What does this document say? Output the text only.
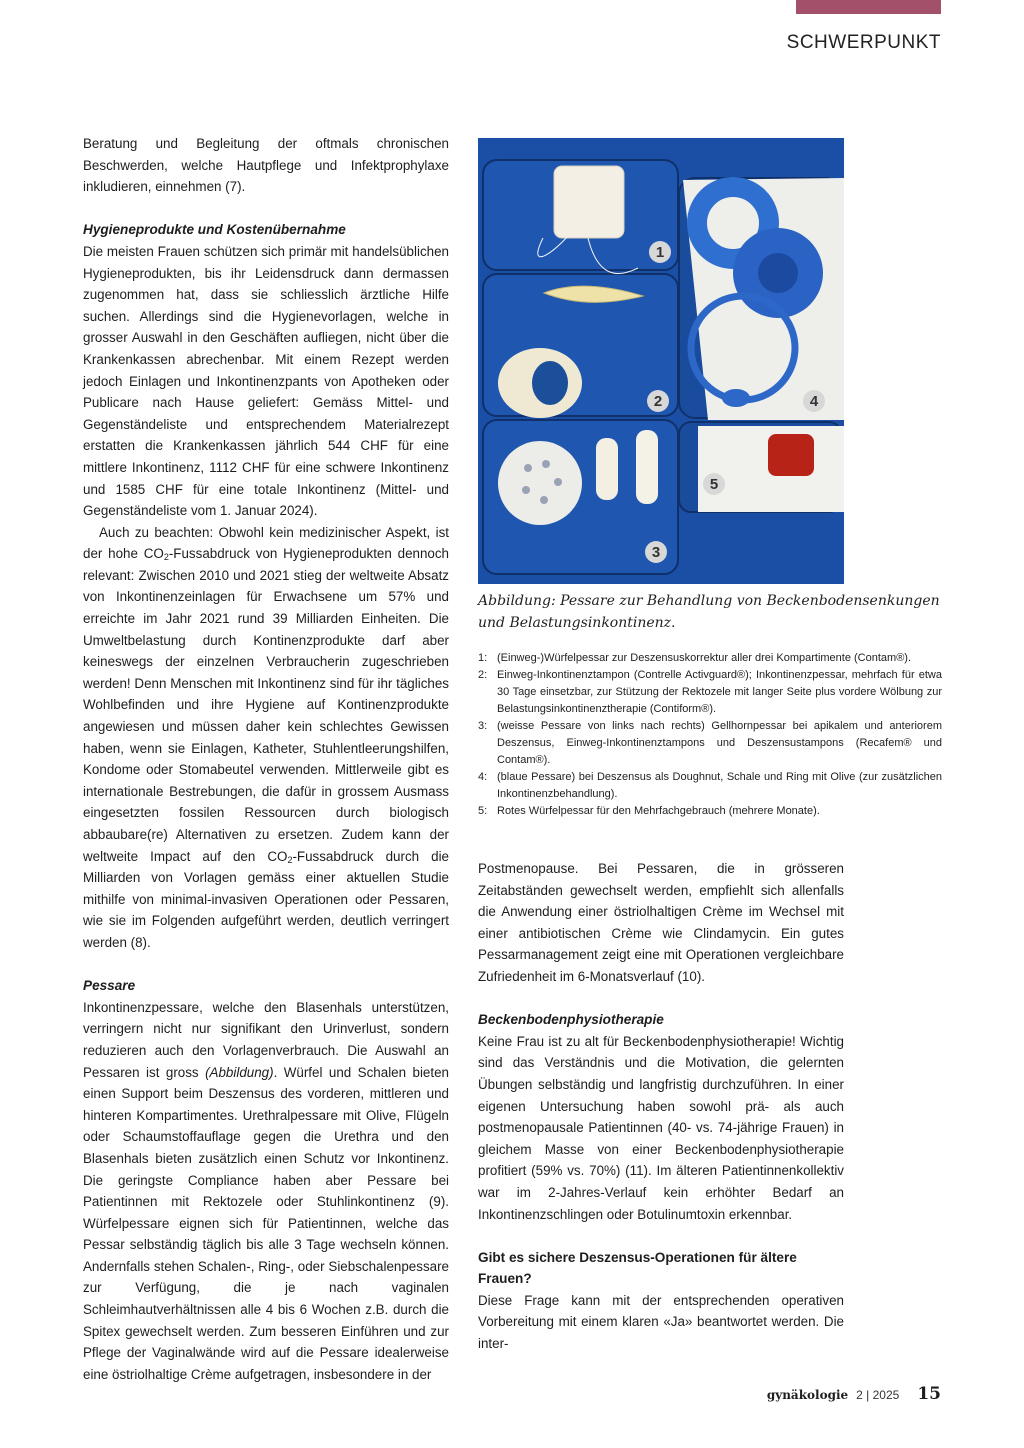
SCHWERPUNKT

Beratung und Begleitung der oftmals chronischen Beschwerden, welche Hautpflege und Infektprophylaxe inkludieren, einnehmen (7).

Hygieneprodukte und Kostenübernahme

Die meisten Frauen schützen sich primär mit handelsüblichen Hygieneprodukten, bis ihr Leidensdruck dann dermassen zugenommen hat, dass sie schliesslich ärztliche Hilfe suchen. Allerdings sind die Hygienevorlagen, welche in grosser Auswahl in den Geschäften aufliegen, nicht über die Krankenkassen abrechenbar. Mit einem Rezept werden jedoch Einlagen und Inkontinenzpants von Apotheken oder Publicare nach Hause geliefert: Gemäss Mittel- und Gegenständeliste und entsprechendem Materialrezept erstatten die Krankenkassen jährlich 544 CHF für eine mittlere Inkontinenz, 1112 CHF für eine schwere Inkontinenz und 1585 CHF für eine totale Inkontinenz (Mittel- und Gegenständeliste vom 1. Januar 2024).

Auch zu beachten: Obwohl kein medizinischer Aspekt, ist der hohe $CO_2$-Fussabdruck von Hygieneprodukten dennoch relevant: Zwischen 2010 und 2021 stieg der weltweite Absatz von Inkontinenzeinlagen für Erwachsene um 57% und erreichte im Jahr 2021 rund 39 Milliarden Einheiten. Die Umweltbelastung durch Kontinenzprodukte darf aber keineswegs der einzelnen Verbraucherin zugeschrieben werden! Denn Menschen mit Inkontinenz sind für ihr tägliches Wohlbefinden und ihre Hygiene auf Kontinenzprodukte angewiesen und müssen daher kein schlechtes Gewissen haben, wenn sie Einlagen, Katheter, Stuhlentleerungshilfen, Kondome oder Stomabeutel verwenden. Mittlerweile gibt es internationale Bestrebungen, die dafür in grossem Ausmass eingesetzten fossilen Ressourcen durch biologisch abbaubare(re) Alternativen zu ersetzen. Zudem kann der weltweite Impact auf den $CO_2$-Fussabdruck durch die Milliarden von Vorlagen gemäss einer aktuellen Studie mithilfe von minimal-invasiven Operationen oder Pessaren, wie sie im Folgenden aufgeführt werden, deutlich verringert werden (8).

Pessare

Inkontinenzpessare, welche den Blasenhals unterstützen, verringern nicht nur signifikant den Urinverlust, sondern reduzieren auch den Vorlagenverbrauch. Die Auswahl an Pessaren ist gross (Abbildung). Würfel und Schalen bieten einen Support beim Deszensus des vorderen, mittleren und hinteren Kompartimentes. Urethralpessare mit Olive, Flügeln oder Schaumstoffauflage gegen die Urethra und den Blasenhals bieten zusätzlich einen Schutz vor Inkontinenz. Die geringste Compliance haben aber Pessare bei Patientinnen mit Rektozele oder Stuhlinkontinenz (9). Würfelpessare eignen sich für Patientinnen, welche das Pessar selbständig täglich bis alle 3 Tage wechseln können. Andernfalls stehen Schalen-, Ring-, oder Siebschalenpessare zur Verfügung, die je nach vaginalen Schleimhautverhältnissen alle 4 bis 6 Wochen z.B. durch die Spitex gewechselt werden. Zum besseren Einführen und zur Pflege der Vaginalwände wird auf die Pessare idealerweise eine östriolhaltige Crème aufgetragen, insbesondere in der

1
2
3
4
5
Abbildung: Pessare zur Behandlung von Beckenbodensenkungen und Belastungsinkontinenz.
1: (Einweg-)Würfelpessar zur Deszensuskorrektur aller drei Kompartimente (Contam®).
2: Einweg-Inkontinenztampon (Contrelle Activguard®); Inkontinenzpessar, mehrfach für etwa 30 Tage einsetzbar, zur Stützung der Rektozele mit langer Seite plus vordere Wölbung zur Belastungsinkontinenztherapie (Contiform®).
3: (weisse Pessare von links nach rechts) Gellhornpessar bei apikalem und anteriorem Deszensus, Einweg-Inkontinenztampons und Deszensustampons (Recafem® und Contam®).
4: (blaue Pessare) bei Deszensus als Doughnut, Schale und Ring mit Olive (zur zusätzlichen Inkontinenzbehandlung).
5: Rotes Würfelpessar für den Mehrfachgebrauch (mehrere Monate).

Postmenopause. Bei Pessaren, die in grösseren Zeitabständen gewechselt werden, empfiehlt sich allenfalls die Anwendung einer östriolhaltigen Crème im Wechsel mit einer antibiotischen Crème wie Clindamycin. Ein gutes Pessarmanagement zeigt eine mit Operationen vergleichbare Zufriedenheit im 6-Monatsverlauf (10).

Beckenbodenphysiotherapie

Keine Frau ist zu alt für Beckenbodenphysiotherapie! Wichtig sind das Verständnis und die Motivation, die gelernten Übungen selbständig und langfristig durchzuführen. In einer eigenen Untersuchung haben sowohl prä- als auch postmenopausale Patientinnen (40- vs. 74-jährige Frauen) in gleichem Masse von einer Beckenbodenphysiotherapie profitiert (59% vs. 70%) (11). Im älteren Patientinnenkollektiv war im 2-Jahres-Verlauf kein erhöhter Bedarf an Inkontinenzschlingen oder Botulinumtoxin erkennbar.

Gibt es sichere Deszensus-Operationen für ältere Frauen?

Diese Frage kann mit der entsprechenden operativen Vorbereitung mit einem klaren «Ja» beantwortet werden. Die inter-

gynäkologie 2 | 2025 15
